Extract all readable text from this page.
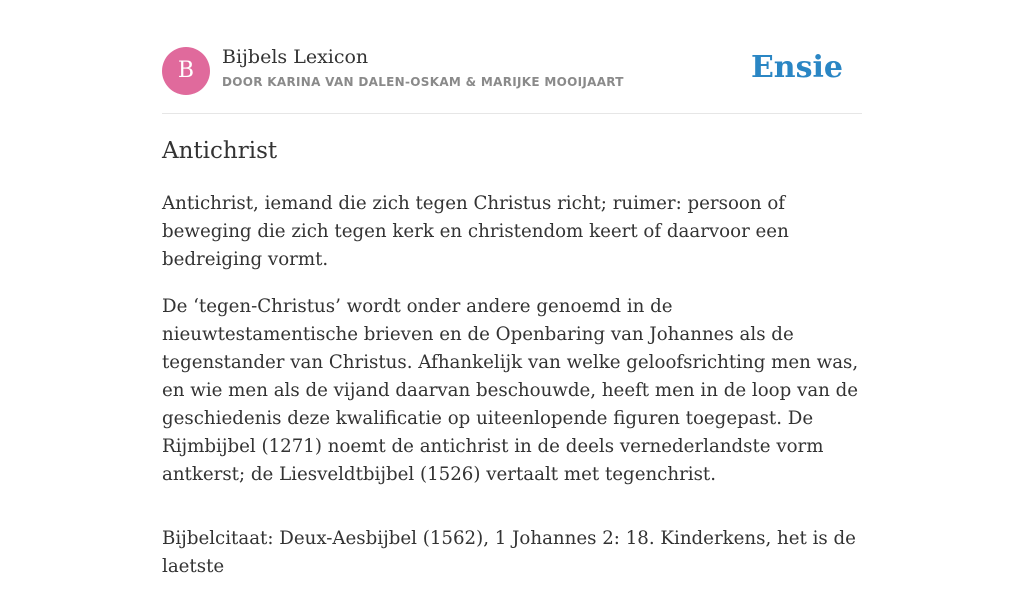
B
Bijbels Lexicon
DOOR KARINA VAN DALEN-OSKAM & MARIJKE MOOIJAART	Ensie
Antichrist

Antichrist, iemand die zich tegen Christus richt; ruimer: persoon of beweging die zich tegen kerk en christendom keert of daarvoor een bedreiging vormt.

De ‘tegen-Christus’ wordt onder andere genoemd in de nieuwtestamentische brieven en de Openbaring van Johannes als de tegenstander van Christus. Afhankelijk van welke geloofsrichting men was, en wie men als de vijand daarvan beschouwde, heeft men in de loop van de geschiedenis deze kwalificatie op uiteenlopende figuren toegepast. De Rijmbijbel (1271) noemt de antichrist in de deels vernederlandste vorm antkerst; de Liesveldtbijbel (1526) vertaalt met tegenchrist.

Bijbelcitaat: Deux-Aesbijbel (1562), 1 Johannes 2: 18. Kinderkens, het is de laetste
